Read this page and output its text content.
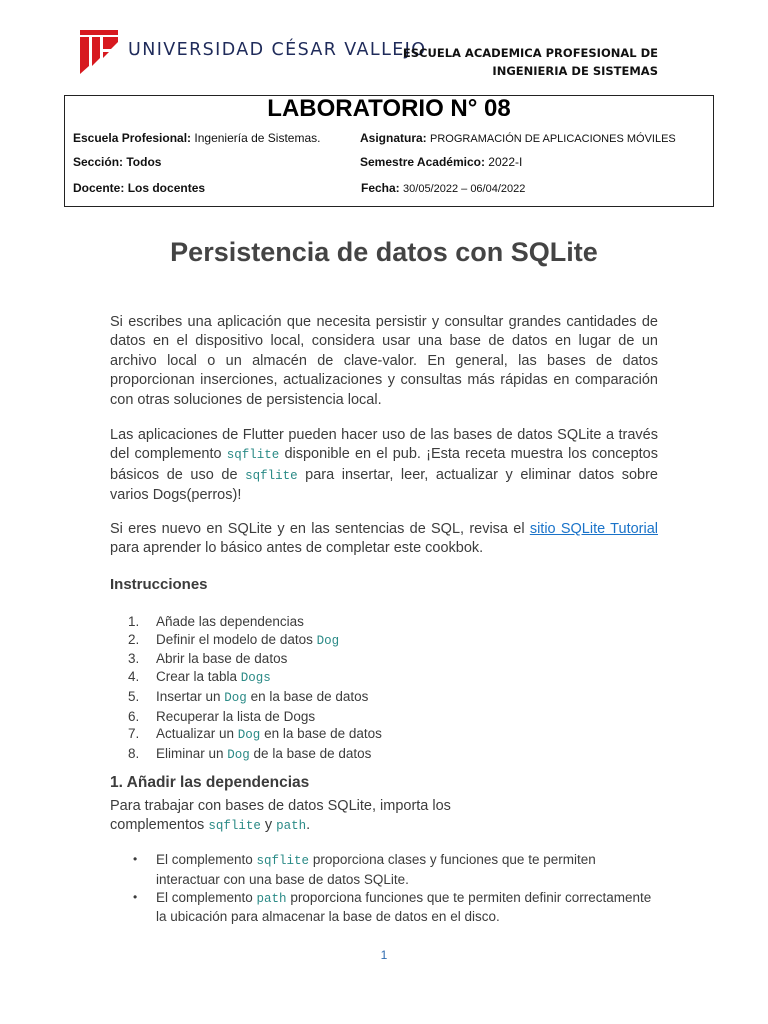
UNIVERSIDAD CÉSAR VALLEJO
ESCUELA ACADEMICA PROFESIONAL DE
INGENIERIA DE SISTEMAS
LABORATORIO N° 08
Escuela Profesional: Ingeniería de Sistemas.	Asignatura: PROGRAMACIÓN DE APLICACIONES MÓVILES
Sección: Todos	Semestre Académico: 2022-I
Docente: Los docentes	Fecha: 30/05/2022 – 06/04/2022
Persistencia de datos con SQLite

Si escribes una aplicación que necesita persistir y consultar grandes cantidades de datos en el dispositivo local, considera usar una base de datos en lugar de un archivo local o un almacén de clave-valor. En general, las bases de datos proporcionan inserciones, actualizaciones y consultas más rápidas en comparación con otras soluciones de persistencia local.

Las aplicaciones de Flutter pueden hacer uso de las bases de datos SQLite a través del complemento sqflite disponible en el pub. ¡Esta receta muestra los conceptos básicos de uso de sqflite para insertar, leer, actualizar y eliminar datos sobre varios Dogs(perros)!

Si eres nuevo en SQLite y en las sentencias de SQL, revisa el sitio SQLite Tutorial para aprender lo básico antes de completar este cookbok.

Instrucciones
1. Añade las dependencias
2. Definir el modelo de datos Dog
3. Abrir la base de datos
4. Crear la tabla Dogs
5. Insertar un Dog en la base de datos
6. Recuperar la lista de Dogs
7. Actualizar un Dog en la base de datos
8. Eliminar un Dog de la base de datos
1. Añadir las dependencias

Para trabajar con bases de datos SQLite, importa los complementos sqflite y path.

• El complemento sqflite proporciona clases y funciones que te permiten interactuar con una base de datos SQLite.
• El complemento path proporciona funciones que te permiten definir correctamente la ubicación para almacenar la base de datos en el disco.
1
